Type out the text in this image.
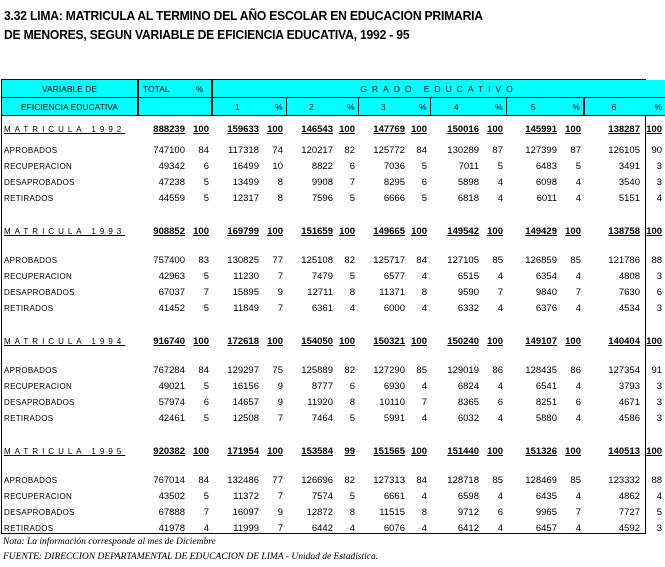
3.32 LIMA: MATRICULA AL TERMINO DEL AÑO ESCOLAR EN EDUCACION PRIMARIA
DE MENORES, SEGUN VARIABLE DE EFICIENCIA EDUCATIVA, 1992 - 95
VARIABLE DE	TOTAL	%	GRADO EDUCATIVO											
EFICIENCIA EDUCATIVA			1	%	2	%	3	%	4	%	5	%	6	%

MATRICULA 1992	888239	100	159633	100	146543	100	147769	100	150016	100	145991	100	138287	100

APROBADOS	747100	84	117318	74	120217	82	125772	84	130289	87	127399	87	126105	90
RECUPERACION	49342	6	16499	10	8822	6	7036	5	7011	5	6483	5	3491	3
DESAPROBADOS	47238	5	13499	8	9908	7	8295	6	5898	4	6098	4	3540	3
RETIRADOS	44559	5	12317	8	7596	5	6666	5	6818	4	6011	4	5151	4

MATRICULA 1993	908852	100	169799	100	151659	100	149665	100	149542	100	149429	100	138758	100

APROBADOS	757400	83	130825	77	125108	82	125717	84	127105	85	126859	85	121786	88
RECUPERACION	42963	5	11230	7	7479	5	6577	4	6515	4	6354	4	4808	3
DESAPROBADOS	67037	7	15895	9	12711	8	11371	8	9590	7	9840	7	7630	6
RETIRADOS	41452	5	11849	7	6361	4	6000	4	6332	4	6376	4	4534	3

MATRICULA 1994	916740	100	172618	100	154050	100	150321	100	150240	100	149107	100	140404	100

APROBADOS	767284	84	129297	75	125889	82	127290	85	129019	86	128435	86	127354	91
RECUPERACION	49021	5	16156	9	8777	6	6930	4	6824	4	6541	4	3793	3
DESAPROBADOS	57974	6	14657	9	11920	8	10110	7	8365	6	8251	6	4671	3
RETIRADOS	42461	5	12508	7	7464	5	5991	4	6032	4	5880	4	4586	3

MATRICULA 1995	920382	100	171954	100	153584	99	151565	100	151440	100	151326	100	140513	100

APROBADOS	767014	84	132486	77	126696	82	127313	84	128718	85	128469	85	123332	88
RECUPERACION	43502	5	11372	7	7574	5	6661	4	6598	4	6435	4	4862	4
DESAPROBADOS	67888	7	16097	9	12872	8	11515	8	9712	6	9965	7	7727	5
RETIRADOS	41978	4	11999	7	6442	4	6076	4	6412	4	6457	4	4592	3

Nota: La información corresponde al mes de Diciembre
FUENTE: DIRECCION DEPARTAMENTAL DE EDUCACION DE LIMA - Unidad de Estadística.
